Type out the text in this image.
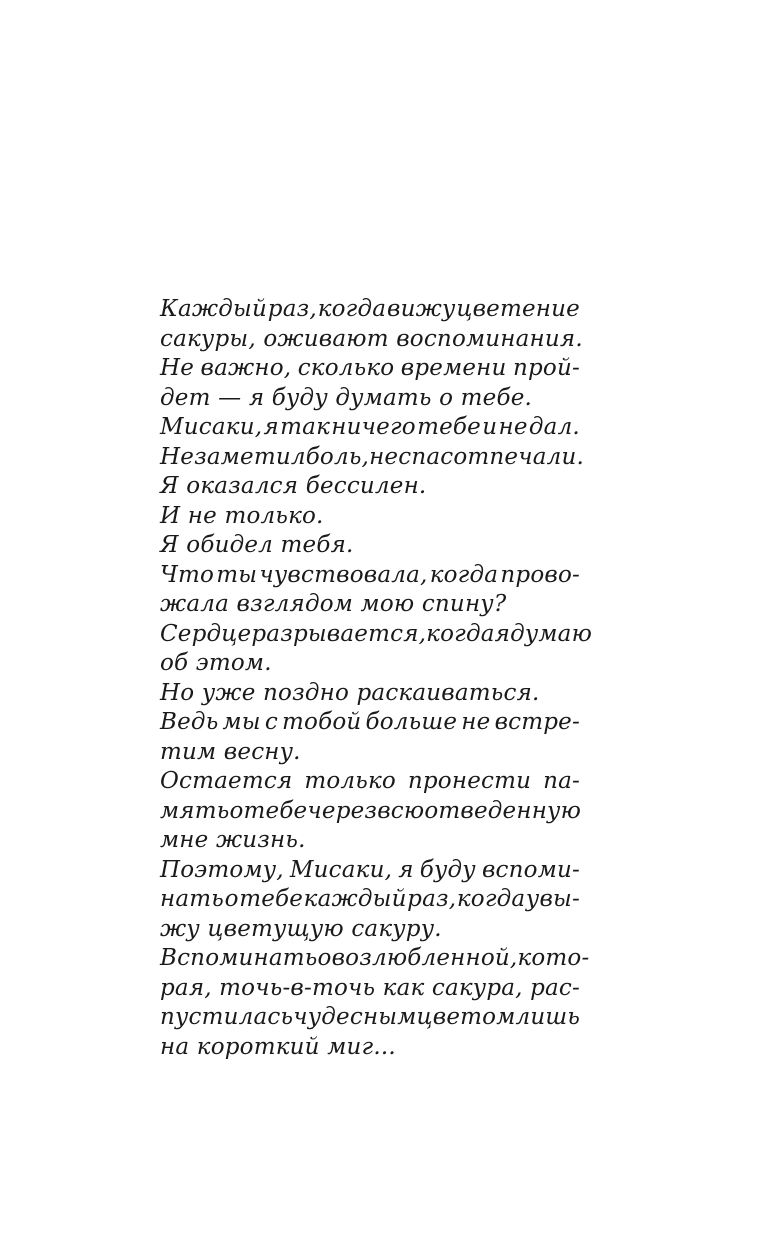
Каждый раз, когда вижу цветение
сакуры, оживают воспоминания.
Не важно, сколько времени прой-
дет — я буду думать о тебе.
Мисаки, я так ничего тебе и не дал.
Не заметил боль, не спас от печали.
Я оказался бессилен.
И не только.
Я обидел тебя.
Что ты чувствовала, когда прово-
жала взглядом мою спину?
Сердце разрывается, когда я думаю
об этом.
Но уже поздно раскаиваться.
Ведь мы с тобой больше не встре-
тим весну.
Остается только пронести па-
мять о тебе через всю отведенную
мне жизнь.
Поэтому, Мисаки, я буду вспоми-
нать о тебе каждый раз, когда увы-
жу цветущую сакуру.
Вспоминать о возлюбленной, кото-
рая, точь-в-точь как сакура, рас-
пустилась чудесным цветом лишь
на короткий миг...
